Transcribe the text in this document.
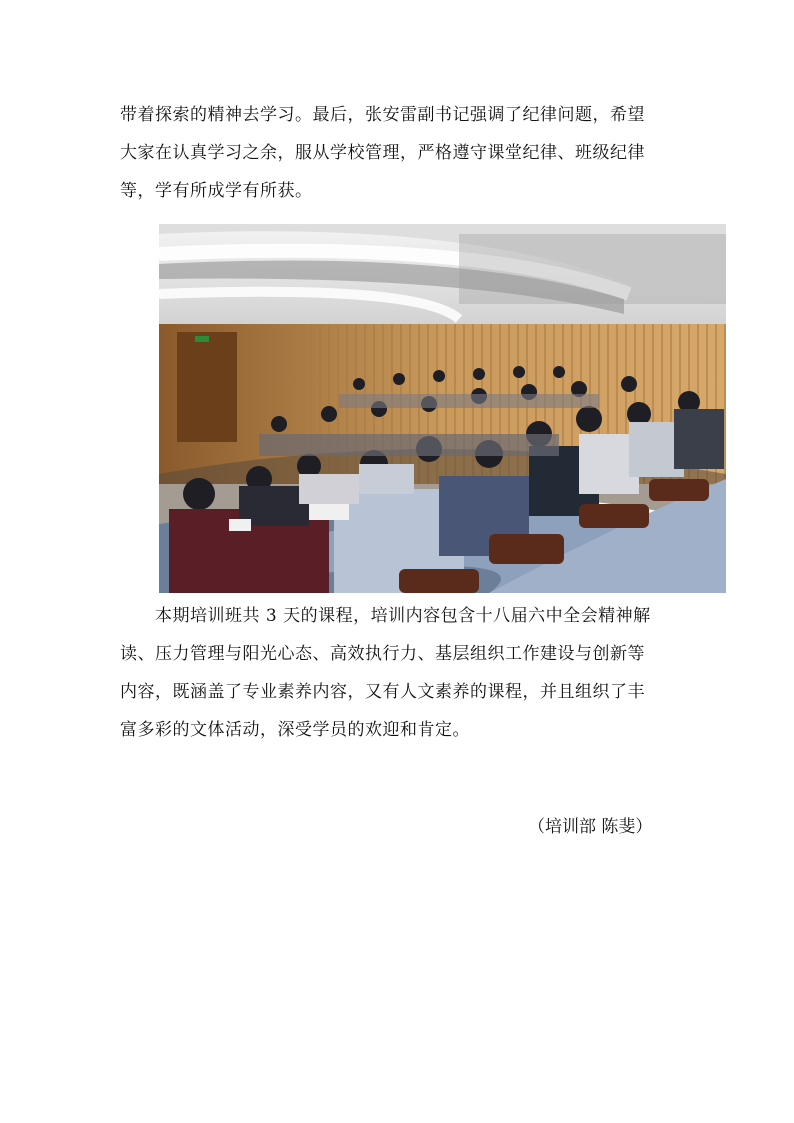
带着探索的精神去学习。最后，张安雷副书记强调了纪律问题，希望
大家在认真学习之余，服从学校管理，严格遵守课堂纪律、班级纪律
等，学有所成学有所获。
　　本期培训班共 3 天的课程，培训内容包含十八届六中全会精神解
读、压力管理与阳光心态、高效执行力、基层组织工作建设与创新等
内容，既涵盖了专业素养内容，又有人文素养的课程，并且组织了丰
富多彩的文体活动，深受学员的欢迎和肯定。
（培训部 陈斐）
